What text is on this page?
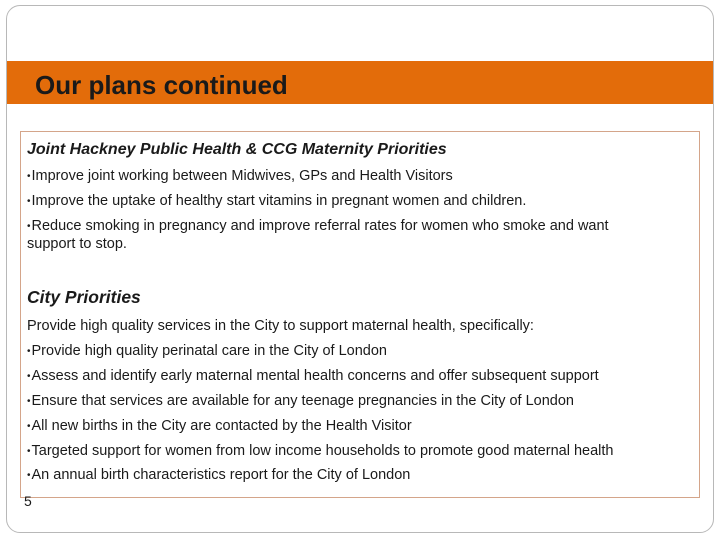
Our plans continued
Joint Hackney Public Health & CCG Maternity Priorities
•Improve joint working between Midwives, GPs and Health Visitors
•Improve the uptake of healthy start vitamins in pregnant women and children.
•Reduce smoking in pregnancy and improve referral rates for women who smoke and want
support to stop.
City Priorities
Provide high quality services in the City to support maternal health, specifically:
•Provide high quality perinatal care in the City of London
•Assess and identify early maternal mental health concerns and offer subsequent support
•Ensure that services are available for any teenage pregnancies in the City of London
•All new births in the City are contacted by the Health Visitor
•Targeted support for women from low income households to promote good maternal health
•An annual birth characteristics report for the City of London
5
